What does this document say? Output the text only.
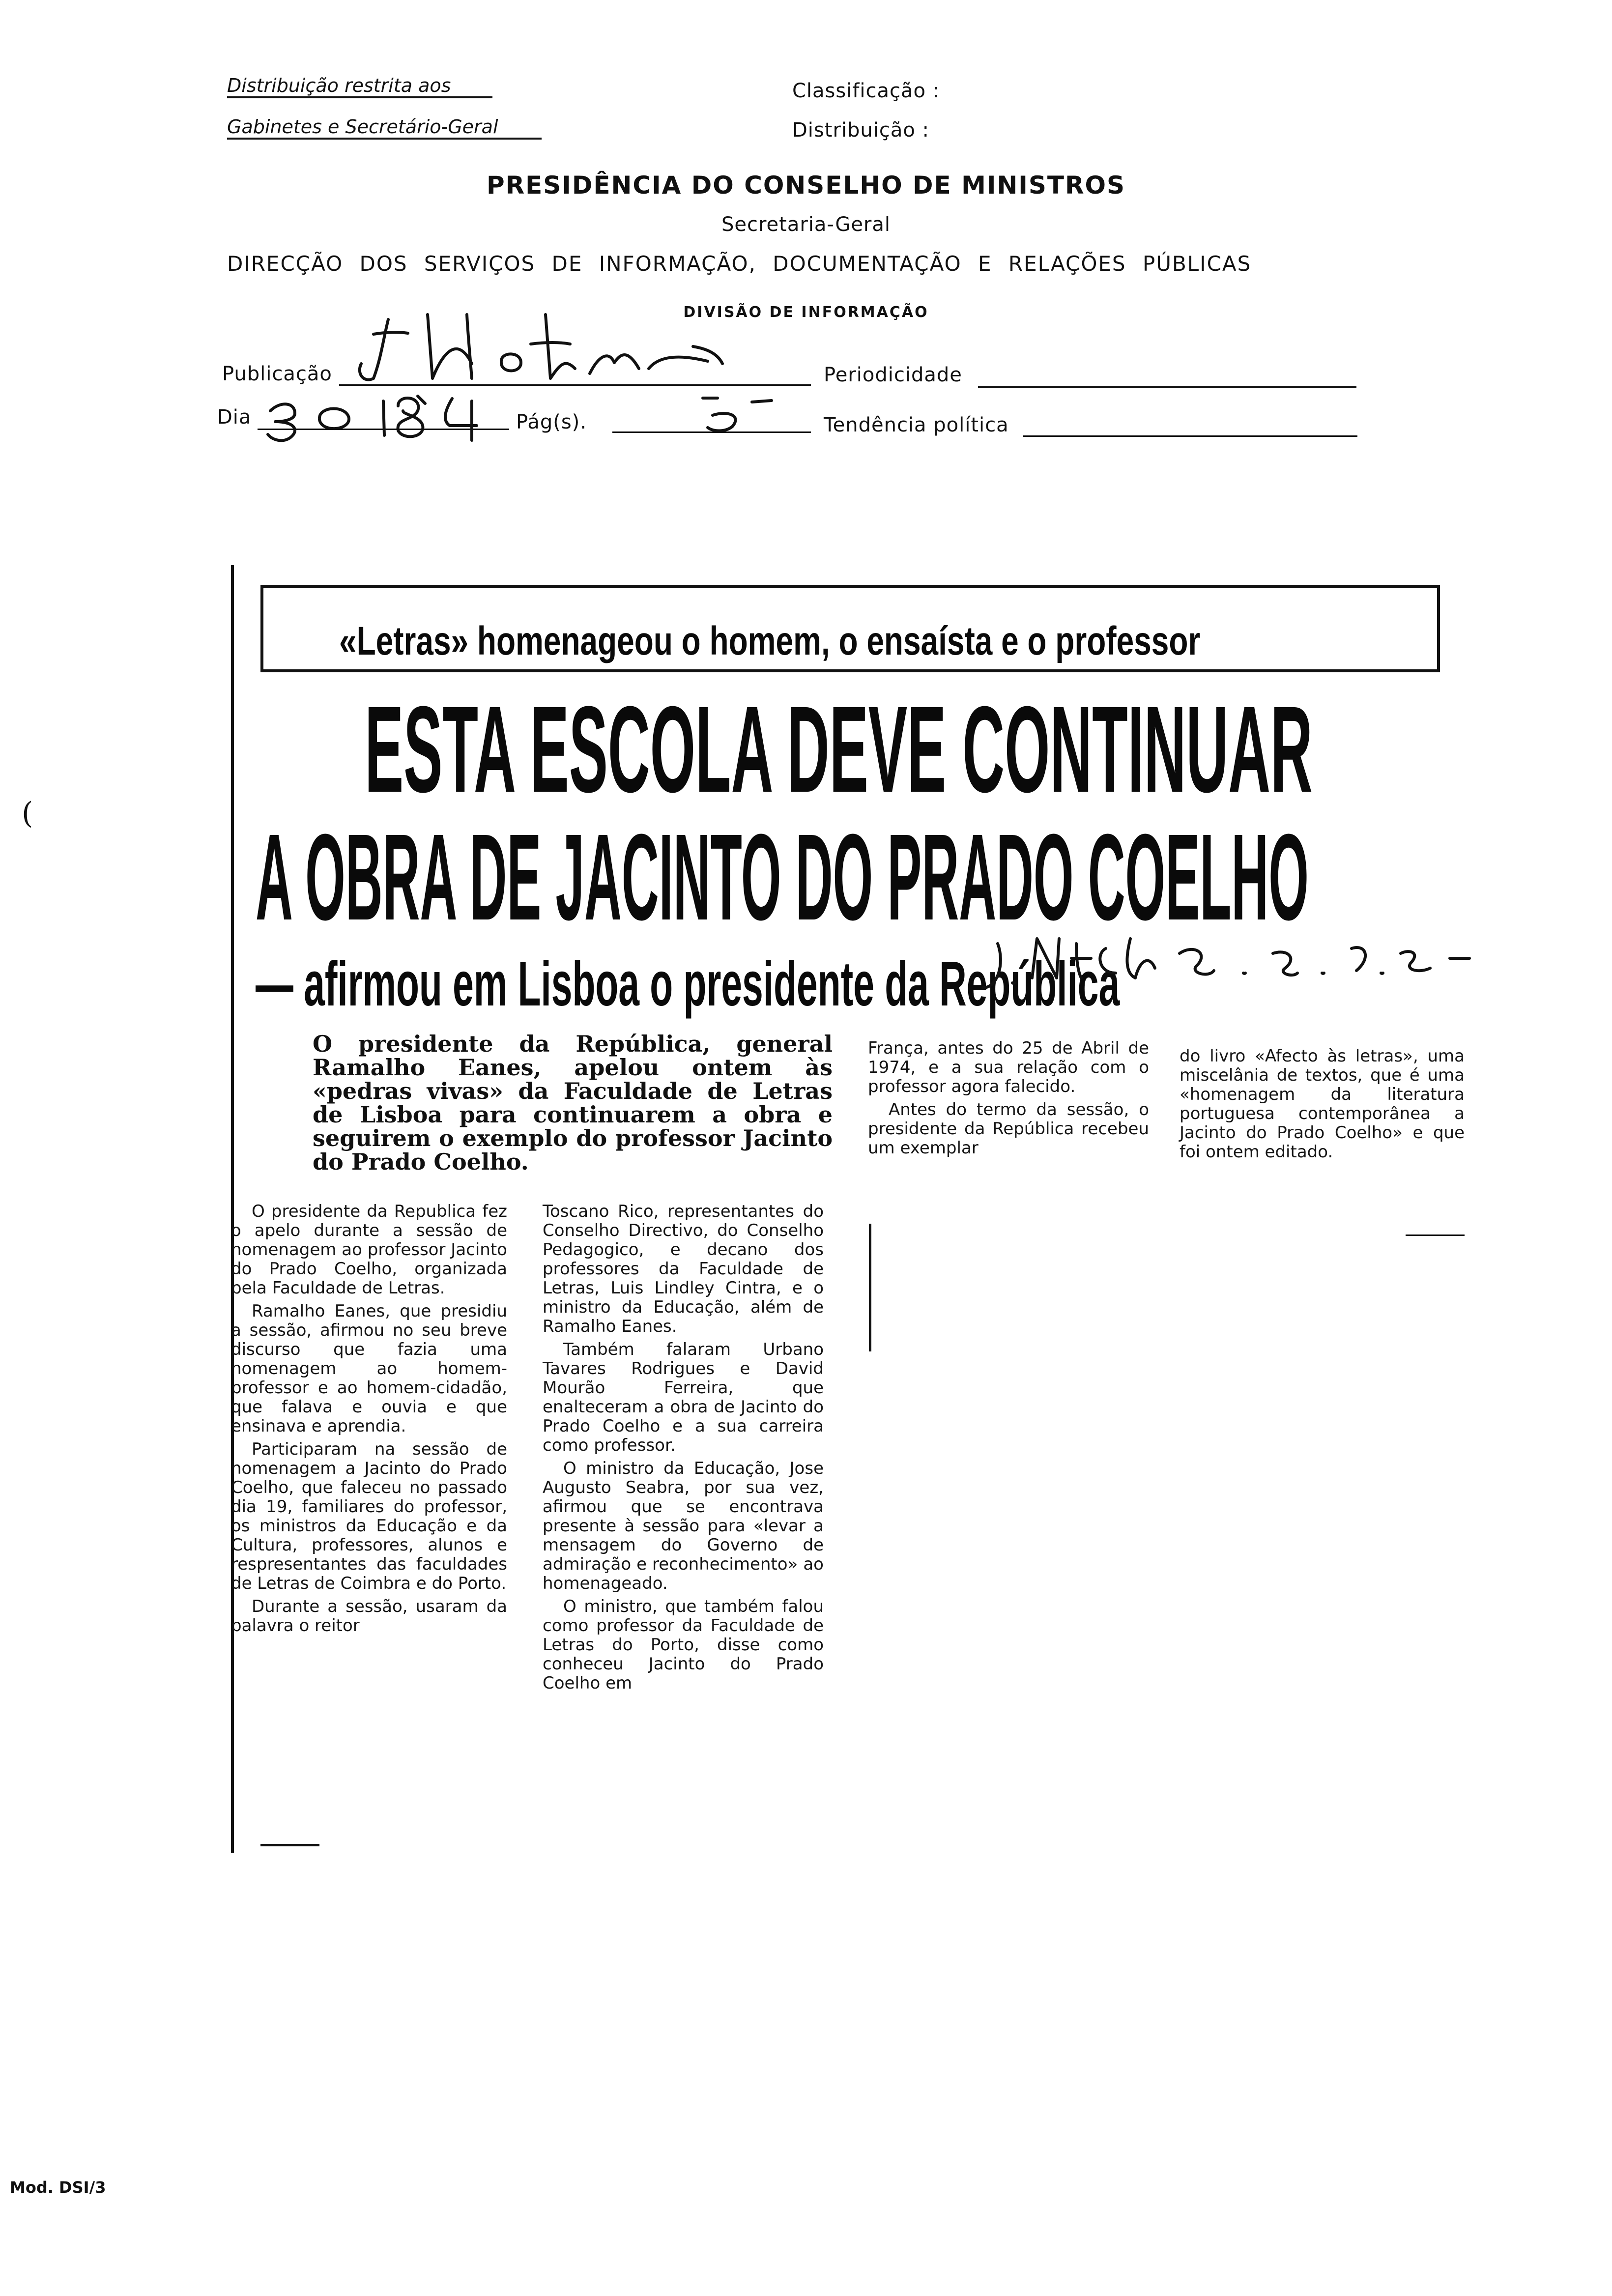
Distribuição restrita aos
Gabinetes e Secretário-Geral
Classificação :
Distribuição :
PRESIDÊNCIA DO CONSELHO DE MINISTROS
Secretaria-Geral
DIRECÇÃO DOS SERVIÇOS DE INFORMAÇÃO, DOCUMENTAÇÃO E RELAÇÕES PÚBLICAS
DIVISÃO DE INFORMAÇÃO
Publicação	Periodicidade
Dia	Pág(s).	Tendência política
Mod. DSI/3
(
«Letras» homenageou o homem, o ensaísta e o professor
ESTA ESCOLA DEVE CONTINUAR
A OBRA DE JACINTO DO PRADO COELHO
— afirmou em Lisboa o presidente da República
O presidente da República, general Ramalho Eanes, apelou ontem às «pedras vivas» da Faculdade de Letras de Lisboa para continuarem a obra e seguirem o exemplo do professor Jacinto do Prado Coelho.

O presidente da Republica fez o apelo durante a sessão de homenagem ao professor Jacinto do Prado Coelho, organizada pela Faculdade de Letras.

Ramalho Eanes, que presidiu a sessão, afirmou no seu breve discurso que fazia uma homenagem ao homem-professor e ao homem-cidadão, que falava e ouvia e que ensinava e aprendia.

Participaram na sessão de homenagem a Jacinto do Prado Coelho, que faleceu no passado dia 19, familiares do professor, os ministros da Educação e da Cultura, professores, alunos e respresentantes das faculdades de Letras de Coimbra e do Porto.

Durante a sessão, usaram da palavra o reitor

Toscano Rico, representantes do Conselho Directivo, do Conselho Pedagogico, e decano dos professores da Faculdade de Letras, Luis Lindley Cintra, e o ministro da Educação, além de Ramalho Eanes.

Também falaram Urbano Tavares Rodrigues e David Mourão Ferreira, que enalteceram a obra de Jacinto do Prado Coelho e a sua carreira como professor.

O ministro da Educação, Jose Augusto Seabra, por sua vez, afirmou que se encontrava presente à sessão para «levar a mensagem do Governo de admiração e reconhecimento» ao homenageado.

O ministro, que também falou como professor da Faculdade de Letras do Porto, disse como conheceu Jacinto do Prado Coelho em

França, antes do 25 de Abril de 1974, e a sua relação com o professor agora falecido.

Antes do termo da sessão, o presidente da República recebeu um exemplar

do livro «Afecto às letras», uma miscelânia de textos, que é uma «homenagem da literatura portuguesa contemporânea a Jacinto do Prado Coelho» e que foi ontem editado.
